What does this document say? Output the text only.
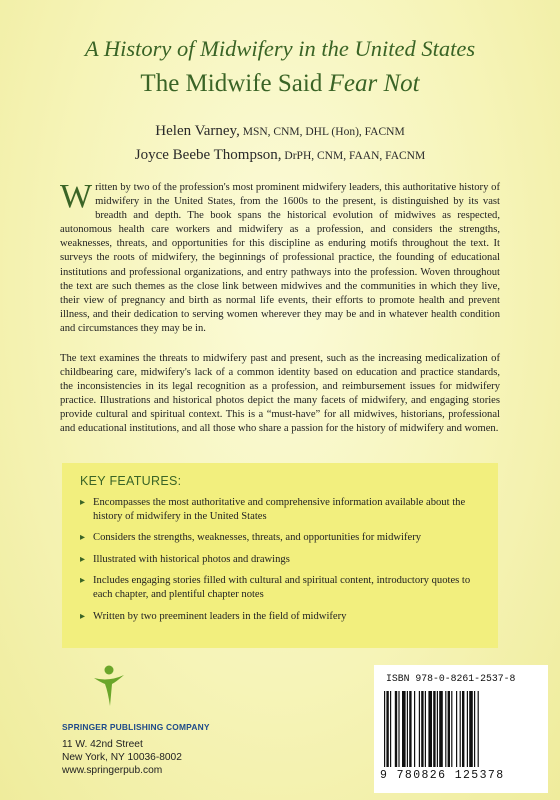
A History of Midwifery in the United States
The Midwife Said Fear Not
Helen Varney, MSN, CNM, DHL (Hon), FACNM
Joyce Beebe Thompson, DrPH, CNM, FAAN, FACNM
Written by two of the profession's most prominent midwifery leaders, this authoritative history of midwifery in the United States, from the 1600s to the present, is distinguished by its vast breadth and depth. The book spans the historical evolution of midwives as respected, autonomous health care workers and midwifery as a profession, and considers the strengths, weaknesses, threats, and opportunities for this discipline as enduring motifs throughout the text. It surveys the roots of midwifery, the beginnings of professional practice, the founding of educational institutions and professional organizations, and entry pathways into the profession. Woven throughout the text are such themes as the close link between midwives and the communities in which they live, their view of pregnancy and birth as normal life events, their efforts to promote health and prevent illness, and their dedication to serving women wherever they may be and in whatever health condition and circumstances they may be in.
The text examines the threats to midwifery past and present, such as the increasing medicalization of childbearing care, midwifery's lack of a common identity based on education and practice standards, the inconsistencies in its legal recognition as a profession, and reimbursement issues for midwifery practice. Illustrations and historical photos depict the many facets of midwifery, and engaging stories provide cultural and spiritual context. This is a “must-have” for all midwives, historians, professional and educational institutions, and all those who share a passion for the history of midwifery and women.
KEY FEATURES:
▸ Encompasses the most authoritative and comprehensive information available about the history of midwifery in the United States
▸ Considers the strengths, weaknesses, threats, and opportunities for midwifery
▸ Illustrated with historical photos and drawings
▸ Includes engaging stories filled with cultural and spiritual content, introductory quotes to each chapter, and plentiful chapter notes
▸ Written by two preeminent leaders in the field of midwifery
SPRINGER PUBLISHING COMPANY
11 W. 42nd Street
New York, NY 10036-8002
www.springerpub.com
ISBN 978-0-8261-2537-8
9 780826 125378
